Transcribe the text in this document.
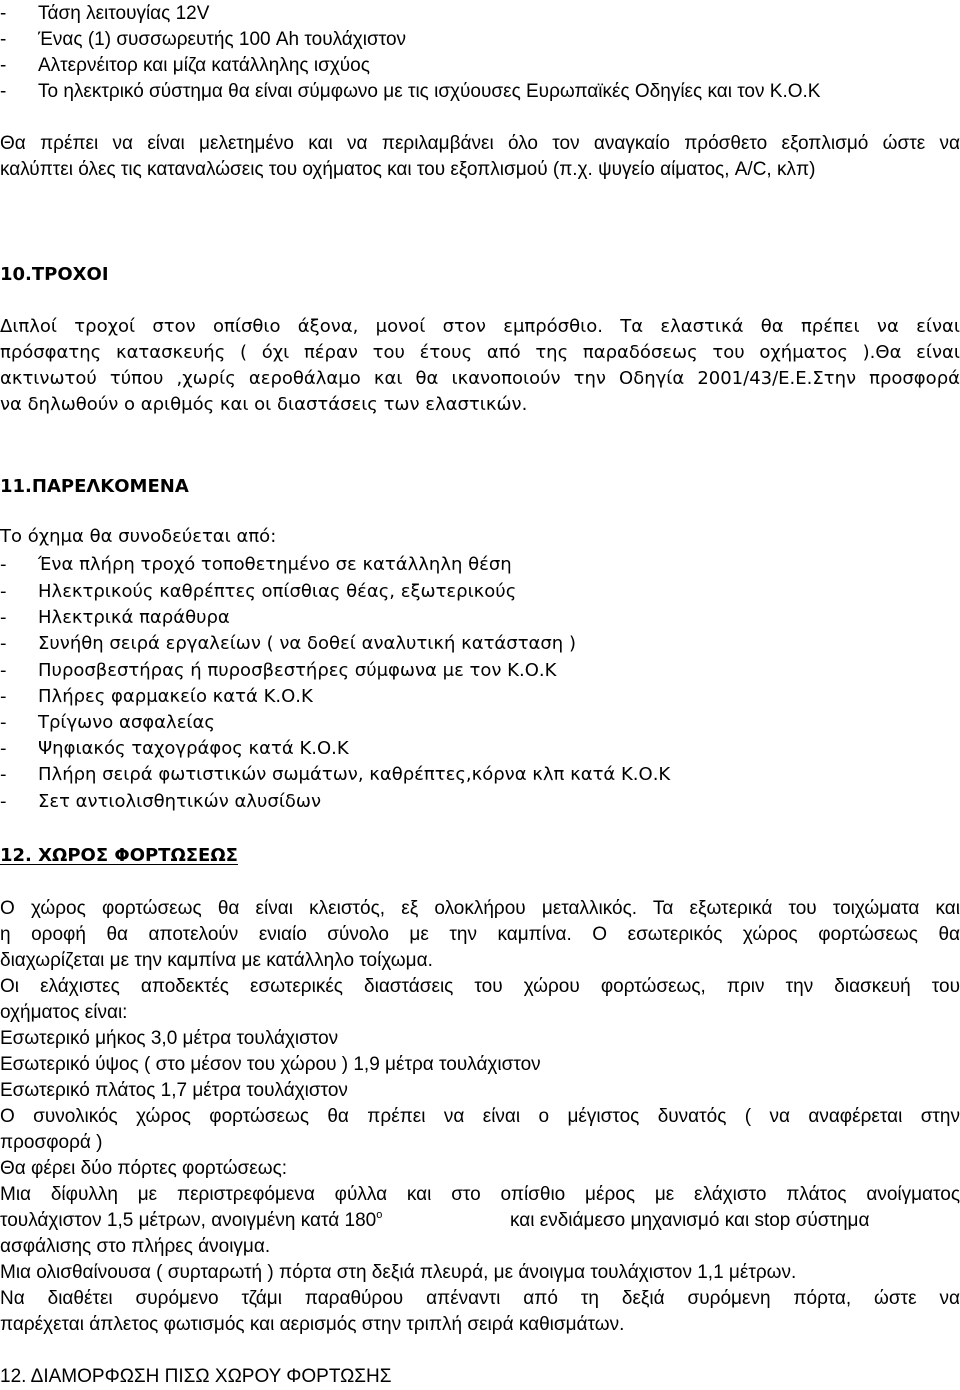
- Τάση λειτουγίας 12V
- Ένας (1) συσσωρευτής 100 Ah τουλάχιστον
- Αλτερνέιτορ και μίζα κατάλληλης ισχύος
- Το ηλεκτρικό σύστημα θα είναι σύμφωνο με τις ισχύουσες Ευρωπαϊκές Οδηγίες και τον Κ.Ο.Κ
Θα πρέπει να είναι μελετημένο και να περιλαμβάνει όλο τον αναγκαίο πρόσθετο εξοπλισμό ώστε να
καλύπτει όλες τις καταναλώσεις του οχήματος και του εξοπλισμού (π.χ. ψυγείο αίματος, A/C, κλπ)
10.ΤΡΟΧΟΙ
Διπλοί τροχοί στον οπίσθιο άξονα, μονοί στον εμπρόσθιο. Τα ελαστικά θα πρέπει να είναι
πρόσφατης κατασκευής ( όχι πέραν του έτους από της παραδόσεως του οχήματος ).Θα είναι
ακτινωτού τύπου ,χωρίς αεροθάλαμο και θα ικανοποιούν την Οδηγία 2001/43/Ε.Ε.Στην προσφορά
να δηλωθούν ο αριθμός και οι διαστάσεις των ελαστικών.
11.ΠΑΡΕΛΚΟΜΕΝΑ
Το όχημα θα συνοδεύεται από:
- Ένα πλήρη τροχό τοποθετημένο σε κατάλληλη θέση
- Ηλεκτρικούς καθρέπτες οπίσθιας θέας, εξωτερικούς
- Ηλεκτρικά παράθυρα
- Συνήθη σειρά εργαλείων ( να δοθεί αναλυτική κατάσταση )
- Πυροσβεστήρας ή πυροσβεστήρες σύμφωνα με τον Κ.Ο.Κ
- Πλήρες φαρμακείο κατά Κ.Ο.Κ
- Τρίγωνο ασφαλείας
- Ψηφιακός ταχογράφος κατά Κ.Ο.Κ
- Πλήρη σειρά φωτιστικών σωμάτων, καθρέπτες,κόρνα κλπ κατά Κ.Ο.Κ
- Σετ αντιολισθητικών αλυσίδων
12. ΧΩΡΟΣ ΦΟΡΤΩΣΕΩΣ
Ο χώρος φορτώσεως θα είναι κλειστός, εξ ολοκλήρου μεταλλικός. Τα εξωτερικά του τοιχώματα και
η οροφή θα αποτελούν ενιαίο σύνολο με την καμπίνα. Ο εσωτερικός χώρος φορτώσεως θα
διαχωρίζεται με την καμπίνα με κατάλληλο τοίχωμα.
Οι ελάχιστες αποδεκτές εσωτερικές διαστάσεις του χώρου φορτώσεως, πριν την διασκευή του
οχήματος είναι:
Εσωτερικό μήκος 3,0 μέτρα τουλάχιστον
Εσωτερικό ύψος ( στο μέσον του χώρου ) 1,9 μέτρα τουλάχιστον
Εσωτερικό πλάτος 1,7 μέτρα τουλάχιστον
Ο συνολικός χώρος φορτώσεως θα πρέπει να είναι ο μέγιστος δυνατός ( να αναφέρεται στην
προσφορά )
Θα φέρει δύο πόρτες φορτώσεως:
Μια δίφυλλη με περιστρεφόμενα φύλλα και στο οπίσθιο μέρος με ελάχιστο πλάτος ανοίγματος
τουλάχιστον 1,5 μέτρων, ανοιγμένη κατά 180$^o$	και ενδιάμεσο μηχανισμό και stop σύστημα
ασφάλισης στο πλήρες άνοιγμα.
Μια ολισθαίνουσα ( συρταρωτή ) πόρτα στη δεξιά πλευρά, με άνοιγμα τουλάχιστον 1,1 μέτρων.
Να διαθέτει συρόμενο τζάμι παραθύρου απέναντι από τη δεξιά συρόμενη πόρτα, ώστε να
παρέχεται άπλετος φωτισμός και αερισμός στην τριπλή σειρά καθισμάτων.
12. ΔΙΑΜΟΡΦΩΣΗ ΠΙΣΩ ΧΩΡΟΥ ΦΟΡΤΩΣΗΣ
